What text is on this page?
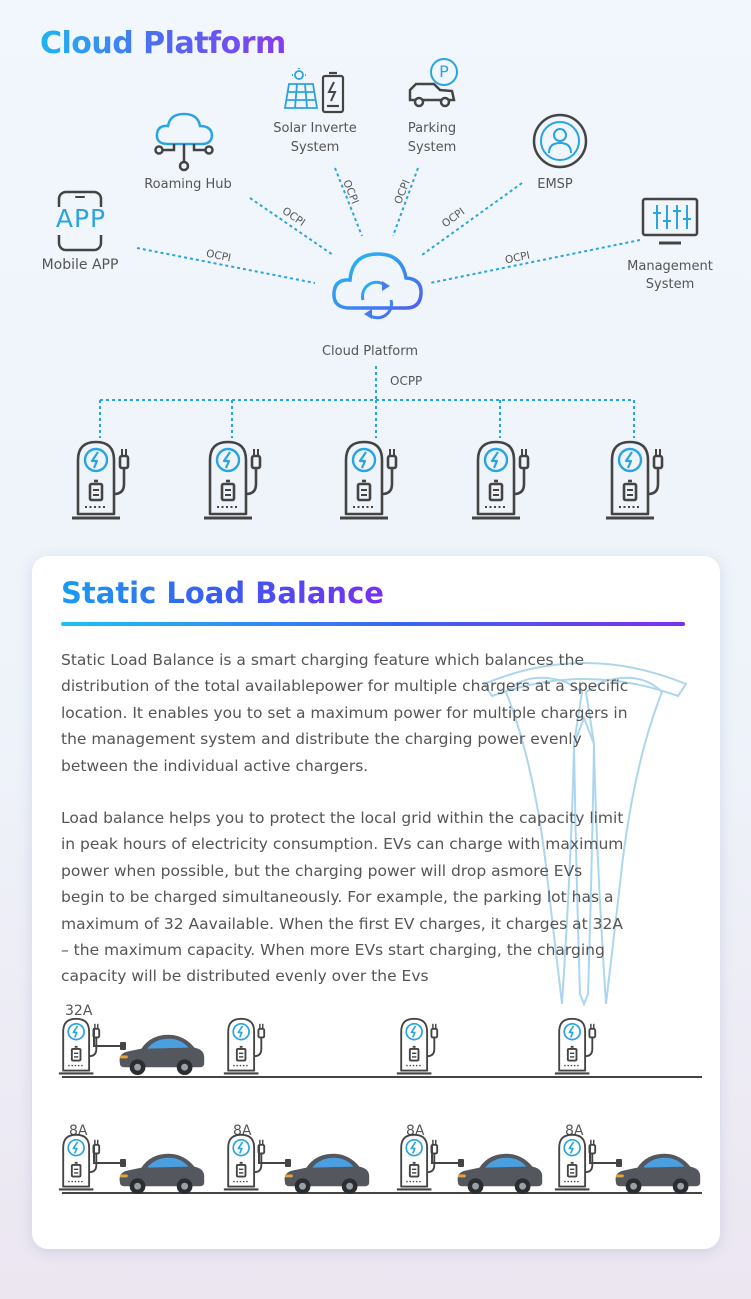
Cloud Platform
OCPI
OCPI
OCPI	OCPI
OCPI
OCPI
OCPP
APP
Mobile APP
Roaming Hub
Solar Inverte
System
P
Parking
System
EMSP
Management
System
Cloud Platform
Static Load Balance
Static Load Balance is a smart charging feature which balances the
distribution of the total availablepower for multiple chargers at a specific
location. It enables you to set a maximum power for multiple chargers in
the management system and distribute the charging power evenly
between the individual active chargers.
Load balance helps you to protect the local grid within the capacity limit
in peak hours of electricity consumption. EVs can charge with maximum
power when possible, but the charging power will drop asmore EVs
begin to be charged simultaneously. For example, the parking lot has a
maximum of 32 Aavailable. When the first EV charges, it charges at 32A
– the maximum capacity. When more EVs start charging, the charging
capacity will be distributed evenly over the Evs
32A
8A	8A	8A	8A
